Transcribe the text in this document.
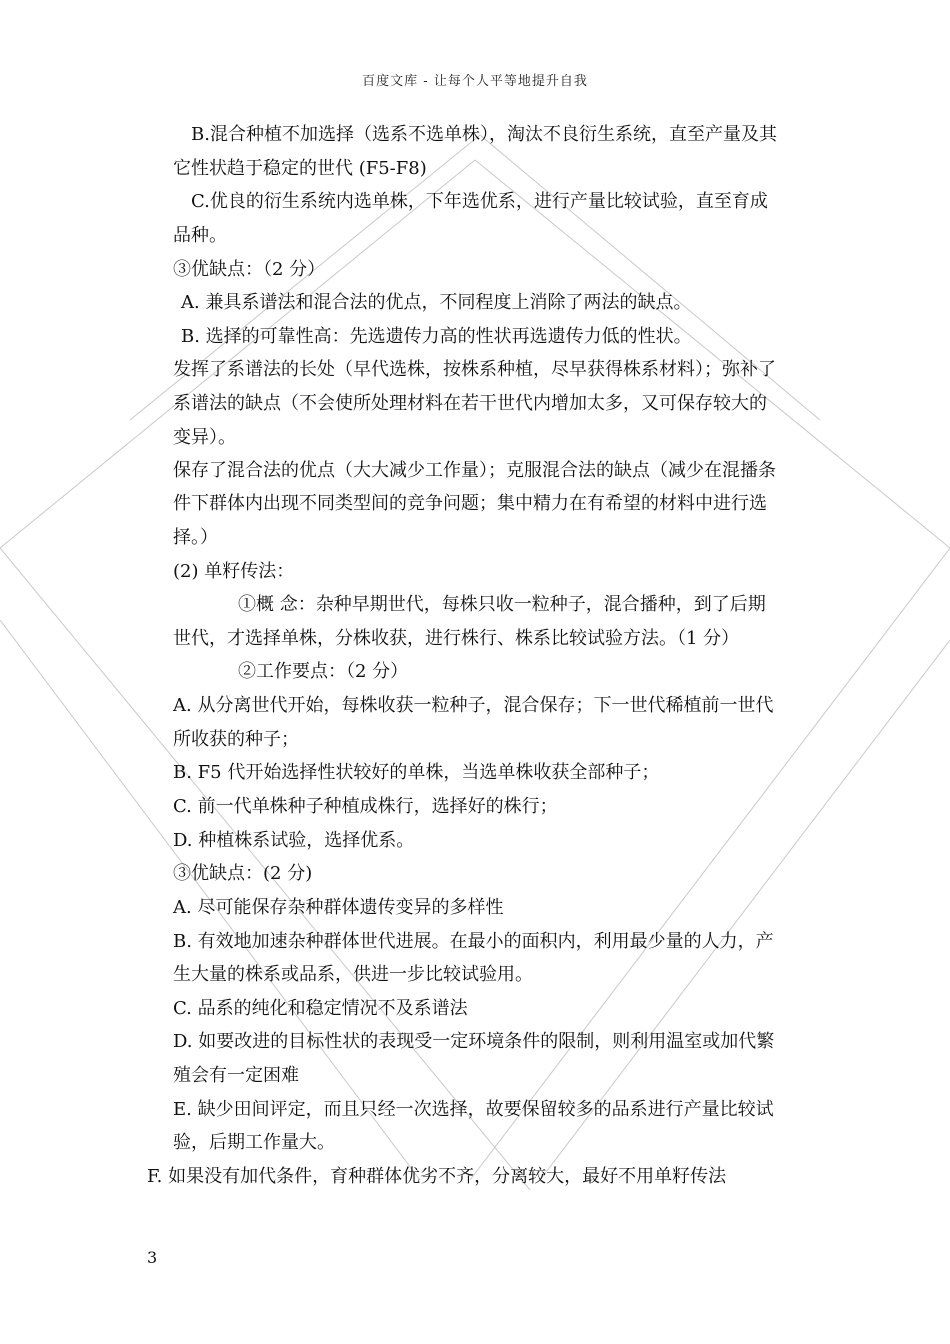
百度文库 - 让每个人平等地提升自我
B.混合种植不加选择（选系不选单株），淘汰不良衍生系统，直至产量及其
它性状趋于稳定的世代 (F5-F8)
C.优良的衍生系统内选单株，下年选优系，进行产量比较试验，直至育成
品种。
③优缺点：（2 分）
A. 兼具系谱法和混合法的优点，不同程度上消除了两法的缺点。
B. 选择的可靠性高：先选遗传力高的性状再选遗传力低的性状。
发挥了系谱法的长处（早代选株，按株系种植，尽早获得株系材料）；弥补了
系谱法的缺点（不会使所处理材料在若干世代内增加太多，又可保存较大的
变异）。
保存了混合法的优点（大大减少工作量）；克服混合法的缺点（减少在混播条
件下群体内出现不同类型间的竞争问题；集中精力在有希望的材料中进行选
择。）
(2) 单籽传法：
①概 念：杂种早期世代，每株只收一粒种子，混合播种，到了后期
世代，才选择单株，分株收获，进行株行、株系比较试验方法。（1 分）
②工作要点：（2 分）
A. 从分离世代开始，每株收获一粒种子，混合保存；下一世代稀植前一世代
所收获的种子；
B. F5 代开始选择性状较好的单株，当选单株收获全部种子；
C. 前一代单株种子种植成株行，选择好的株行；
D. 种植株系试验，选择优系。
③优缺点：(2 分)
A. 尽可能保存杂种群体遗传变异的多样性
B. 有效地加速杂种群体世代进展。在最小的面积内，利用最少量的人力，产
生大量的株系或品系，供进一步比较试验用。
C. 品系的纯化和稳定情况不及系谱法
D. 如要改进的目标性状的表现受一定环境条件的限制，则利用温室或加代繁
殖会有一定困难
E. 缺少田间评定，而且只经一次选择，故要保留较多的品系进行产量比较试
验，后期工作量大。
F. 如果没有加代条件，育种群体优劣不齐，分离较大，最好不用单籽传法
3
